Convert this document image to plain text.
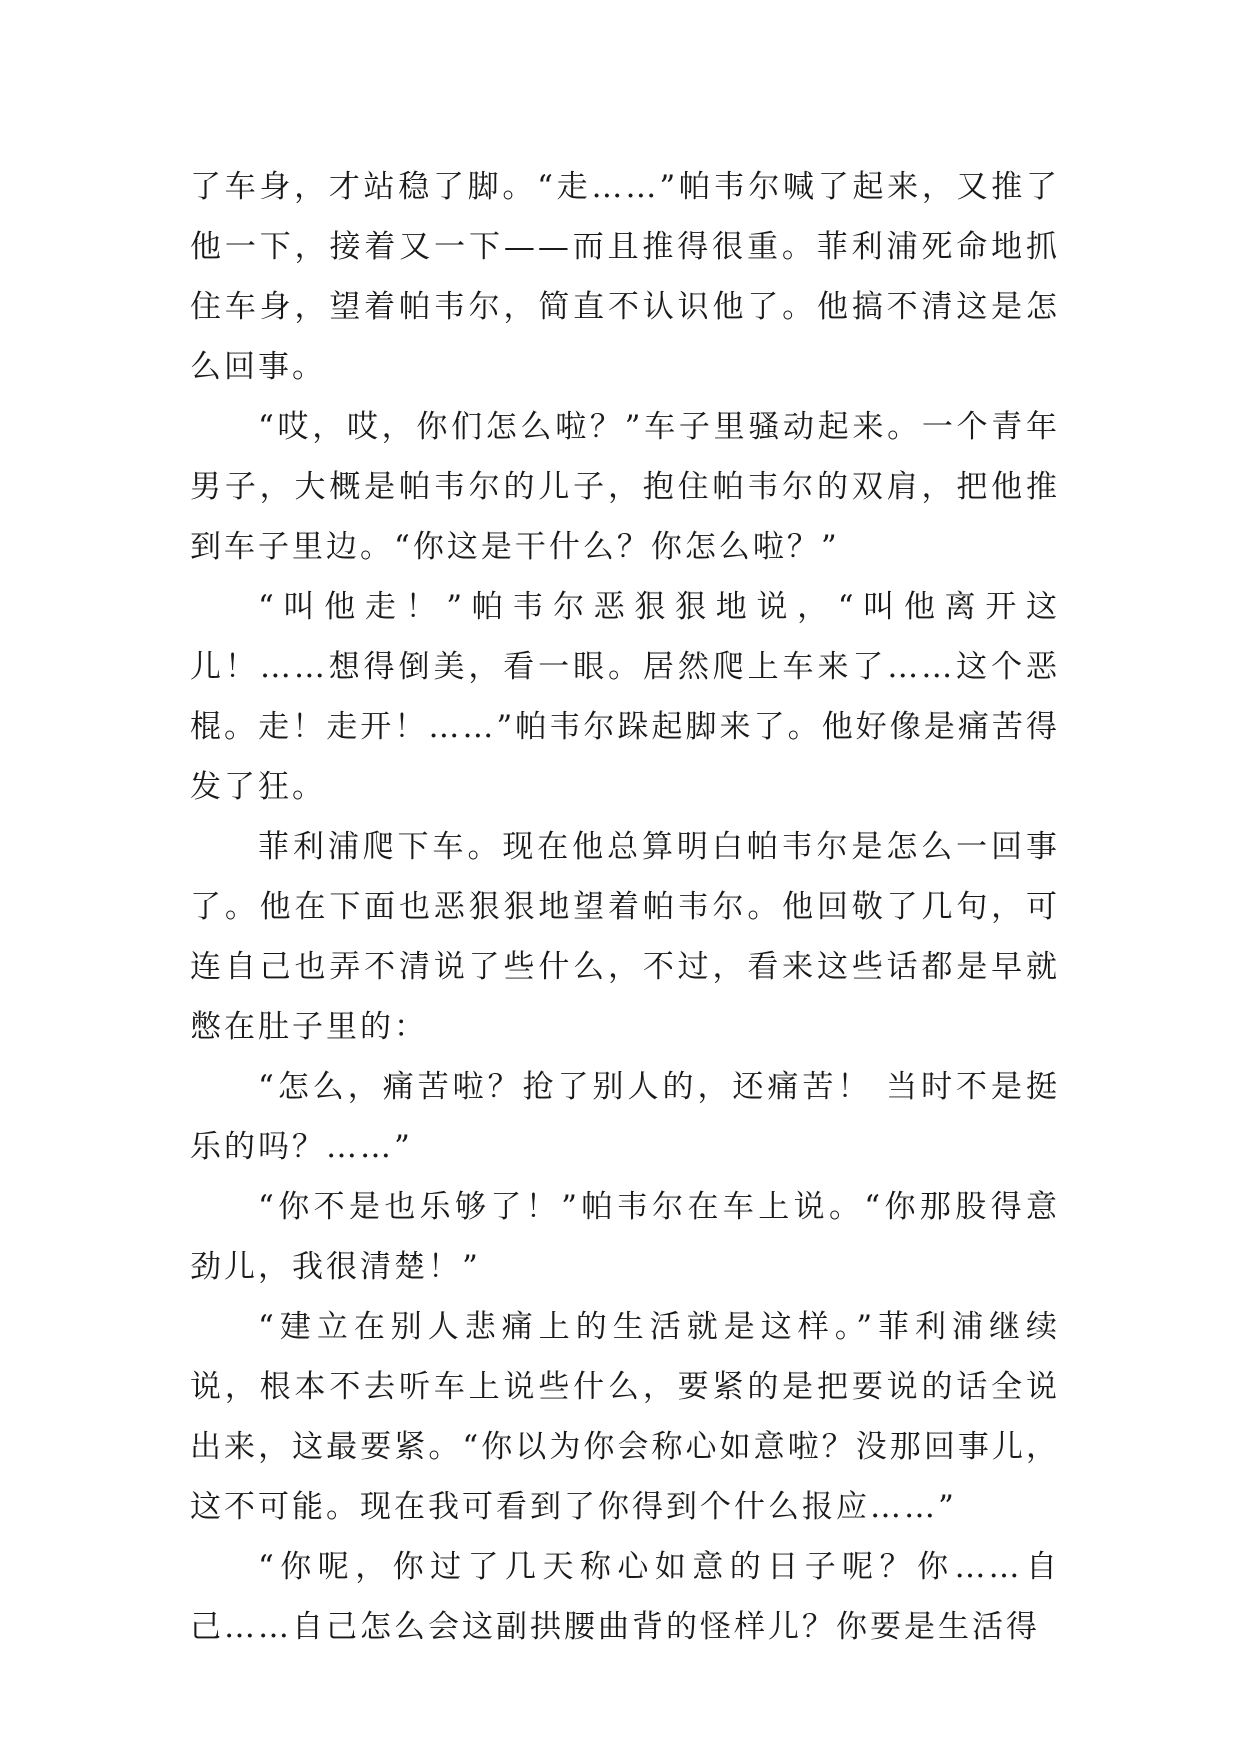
了车身，才站稳了脚。“走……”帕韦尔喊了起来，又推了他一下，接着又一下——而且推得很重。菲利浦死命地抓住车身，望着帕韦尔，简直不认识他了。他搞不清这是怎么回事。

“哎，哎，你们怎么啦？”车子里骚动起来。一个青年男子，大概是帕韦尔的儿子，抱住帕韦尔的双肩，把他推到车子里边。“你这是干什么？你怎么啦？”

“叫他走！”帕韦尔恶狠狠地说，“叫他离开这儿！……想得倒美，看一眼。居然爬上车来了……这个恶棍。走！走开！……”帕韦尔跺起脚来了。他好像是痛苦得发了狂。

菲利浦爬下车。现在他总算明白帕韦尔是怎么一回事了。他在下面也恶狠狠地望着帕韦尔。他回敬了几句，可连自己也弄不清说了些什么，不过，看来这些话都是早就憋在肚子里的：

“怎么，痛苦啦？抢了别人的，还痛苦！ 当时不是挺乐的吗？……”

“你不是也乐够了！”帕韦尔在车上说。“你那股得意劲儿，我很清楚！”

“建立在别人悲痛上的生活就是这样。”菲利浦继续说，根本不去听车上说些什么，要紧的是把要说的话全说出来，这最要紧。“你以为你会称心如意啦？没那回事儿，这不可能。现在我可看到了你得到个什么报应……”

“你呢，你过了几天称心如意的日子呢？你……自己……自己怎么会这副拱腰曲背的怪样儿？你要是生活得
